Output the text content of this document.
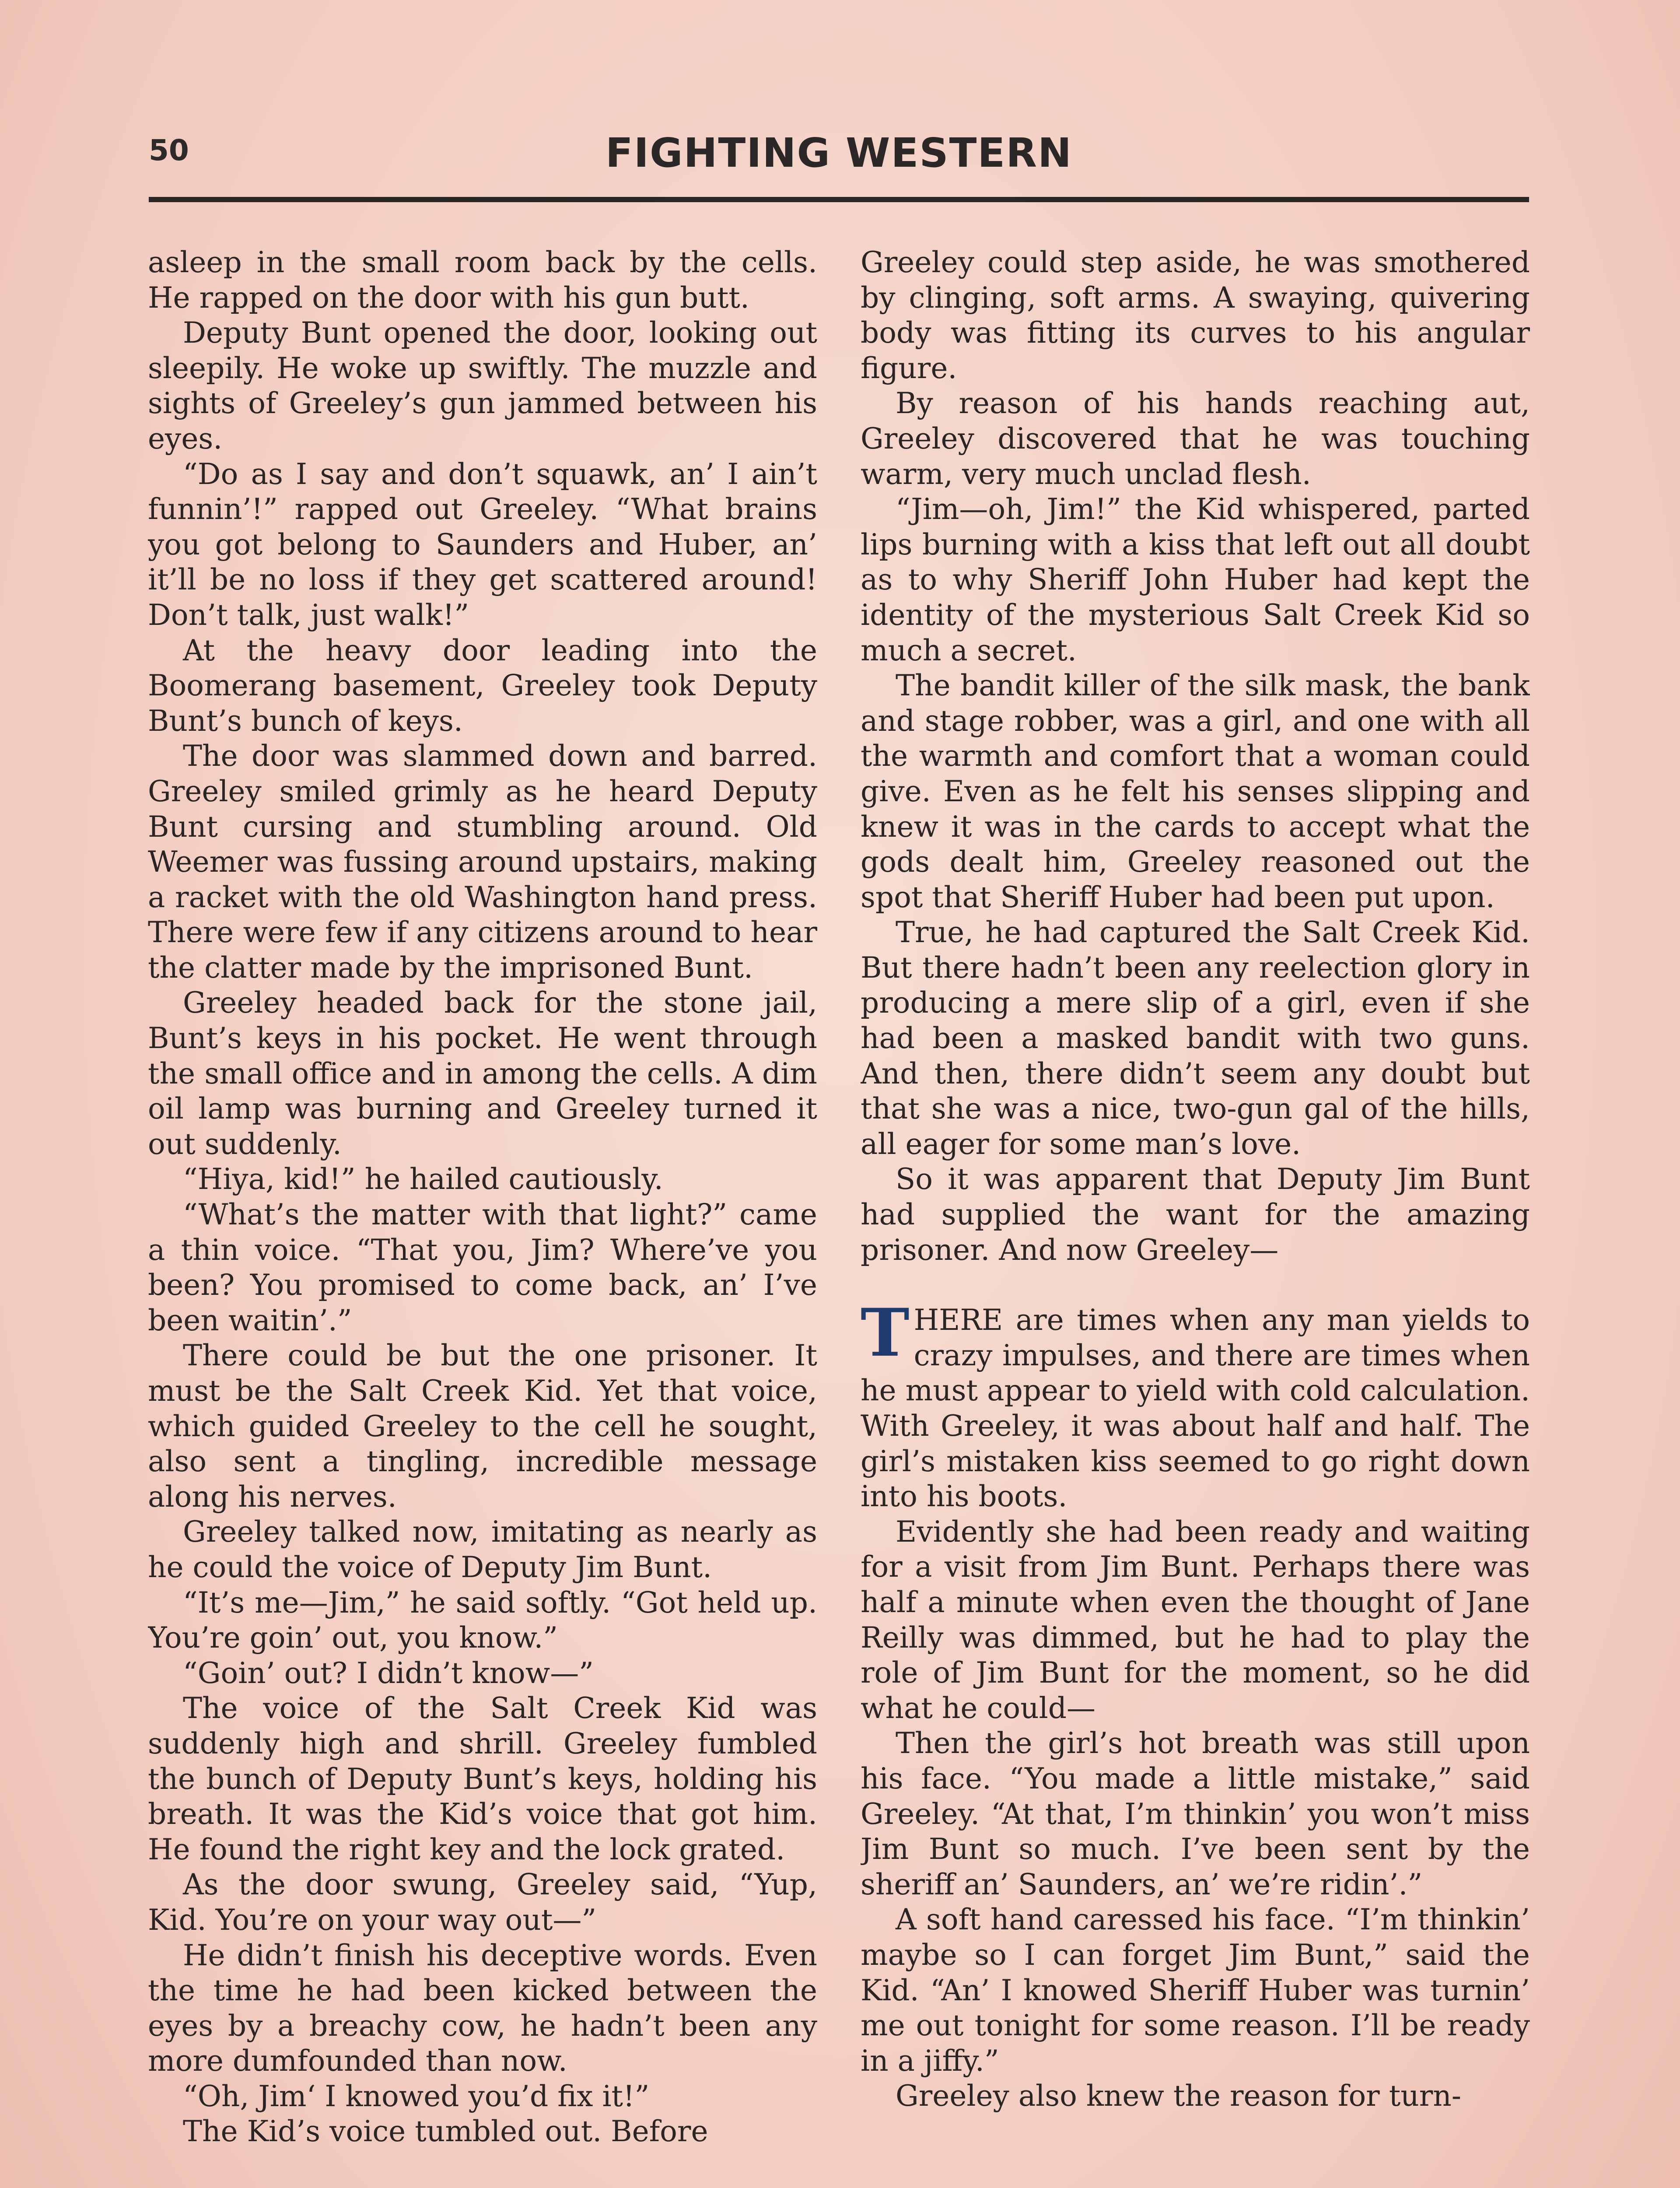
50	FIGHTING WESTERN

asleep in the small room back by the cells. He rapped on the door with his gun butt.

Deputy Bunt opened the door, looking out sleepily. He woke up swiftly. The muzzle and sights of Greeley’s gun jammed between his eyes.

“Do as I say and don’t squawk, an’ I ain’t funnin’!” rapped out Greeley. “What brains you got belong to Saunders and Huber, an’ it’ll be no loss if they get scattered around! Don’t talk, just walk!”

At the heavy door leading into the Boomerang basement, Greeley took Deputy Bunt’s bunch of keys.

The door was slammed down and barred. Greeley smiled grimly as he heard Deputy Bunt cursing and stumbling around. Old Weemer was fussing around upstairs, making a racket with the old Washington hand press. There were few if any citizens around to hear the clatter made by the imprisoned Bunt.

Greeley headed back for the stone jail, Bunt’s keys in his pocket. He went through the small office and in among the cells. A dim oil lamp was burning and Greeley turned it out suddenly.

“Hiya, kid!” he hailed cautiously.

“What’s the matter with that light?” came a thin voice. “That you, Jim? Where’ve you been? You promised to come back, an’ I’ve been waitin’.”

There could be but the one prisoner. It must be the Salt Creek Kid. Yet that voice, which guided Greeley to the cell he sought, also sent a tingling, incredible message along his nerves.

Greeley talked now, imitating as nearly as he could the voice of Deputy Jim Bunt.

“It’s me—Jim,” he said softly. “Got held up. You’re goin’ out, you know.”

“Goin’ out? I didn’t know—”

The voice of the Salt Creek Kid was suddenly high and shrill. Greeley fumbled the bunch of Deputy Bunt’s keys, holding his breath. It was the Kid’s voice that got him. He found the right key and the lock grated.

As the door swung, Greeley said, “Yup, Kid. You’re on your way out—”

He didn’t finish his deceptive words. Even the time he had been kicked between the eyes by a breachy cow, he hadn’t been any more dumfounded than now.

“Oh, Jim‘ I knowed you’d fix it!”

The Kid’s voice tumbled out. Before

Greeley could step aside, he was smothered by clinging, soft arms. A swaying, quivering body was fitting its curves to his angular figure.

By reason of his hands reaching aut, Greeley discovered that he was touching warm, very much unclad flesh.

“Jim—oh, Jim!” the Kid whispered, parted lips burning with a kiss that left out all doubt as to why Sheriff John Huber had kept the identity of the mysterious Salt Creek Kid so much a secret.

The bandit killer of the silk mask, the bank and stage robber, was a girl, and one with all the warmth and comfort that a woman could give. Even as he felt his senses slipping and knew it was in the cards to accept what the gods dealt him, Greeley reasoned out the spot that Sheriff Huber had been put upon.

True, he had captured the Salt Creek Kid. But there hadn’t been any reelection glory in producing a mere slip of a girl, even if she had been a masked bandit with two guns. And then, there didn’t seem any doubt but that she was a nice, two-gun gal of the hills, all eager for some man’s love.

So it was apparent that Deputy Jim Bunt had supplied the want for the amazing prisoner. And now Greeley—

THERE are times when any man yields to crazy impulses, and there are times when he must appear to yield with cold calculation. With Greeley, it was about half and half. The girl’s mistaken kiss seemed to go right down into his boots.

Evidently she had been ready and waiting for a visit from Jim Bunt. Perhaps there was half a minute when even the thought of Jane Reilly was dimmed, but he had to play the role of Jim Bunt for the moment, so he did what he could—

Then the girl’s hot breath was still upon his face. “You made a little mistake,” said Greeley. “At that, I’m thinkin’ you won’t miss Jim Bunt so much. I’ve been sent by the sheriff an’ Saunders, an’ we’re ridin’.”

A soft hand caressed his face. “I’m thinkin’ maybe so I can forget Jim Bunt,” said the Kid. “An’ I knowed Sheriff Huber was turnin’ me out tonight for some reason. I’ll be ready in a jiffy.”

Greeley also knew the reason for turn-
